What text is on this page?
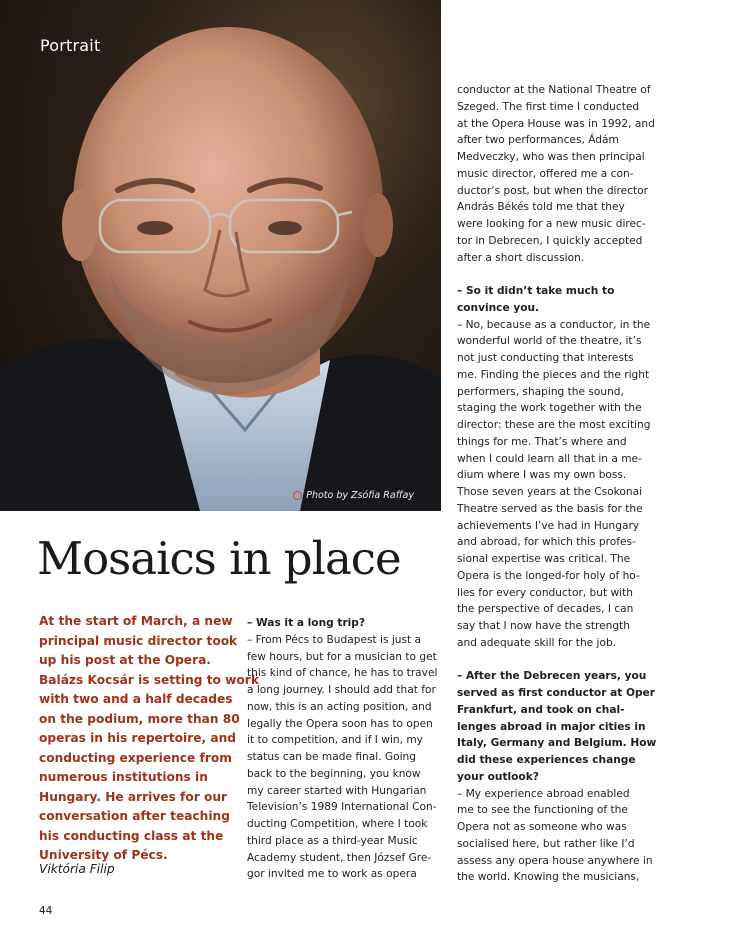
Portrait
Photo by Zsófia Raffay
Mosaics in place
At the start of March, a new
principal music director took
up his post at the Opera.
Balázs Kocsár is setting to work
with two and a half decades
on the podium, more than 80
operas in his repertoire, and
conducting experience from
numerous institutions in
Hungary. He arrives for our
conversation after teaching
his conducting class at the
University of Pécs.
Viktória Filip
– Was it a long trip?
– From Pécs to Budapest is just a
few hours, but for a musician to get
this kind of chance, he has to travel
a long journey. I should add that for
now, this is an acting position, and
legally the Opera soon has to open
it to competition, and if I win, my
status can be made final. Going
back to the beginning, you know
my career started with Hungarian
Television’s 1989 International Con-
ducting Competition, where I took
third place as a third-year Music
Academy student, then József Gre-
gor invited me to work as opera
conductor at the National Theatre of
Szeged. The first time I conducted
at the Opera House was in 1992, and
after two performances, Ádám
Medveczky, who was then principal
music director, offered me a con-
ductor’s post, but when the director
András Békés told me that they
were looking for a new music direc-
tor in Debrecen, I quickly accepted
after a short discussion.
– So it didn’t take much to
convince you.
– No, because as a conductor, in the
wonderful world of the theatre, it’s
not just conducting that interests
me. Finding the pieces and the right
performers, shaping the sound,
staging the work together with the
director: these are the most exciting
things for me. That’s where and
when I could learn all that in a me-
dium where I was my own boss.
Those seven years at the Csokonai
Theatre served as the basis for the
achievements I’ve had in Hungary
and abroad, for which this profes-
sional expertise was critical. The
Opera is the longed-for holy of ho-
lies for every conductor, but with
the perspective of decades, I can
say that I now have the strength
and adequate skill for the job.
– After the Debrecen years, you
served as first conductor at Oper
Frankfurt, and took on chal-
lenges abroad in major cities in
Italy, Germany and Belgium. How
did these experiences change
your outlook?
– My experience abroad enabled
me to see the functioning of the
Opera not as someone who was
socialised here, but rather like I’d
assess any opera house anywhere in
the world. Knowing the musicians,
44
